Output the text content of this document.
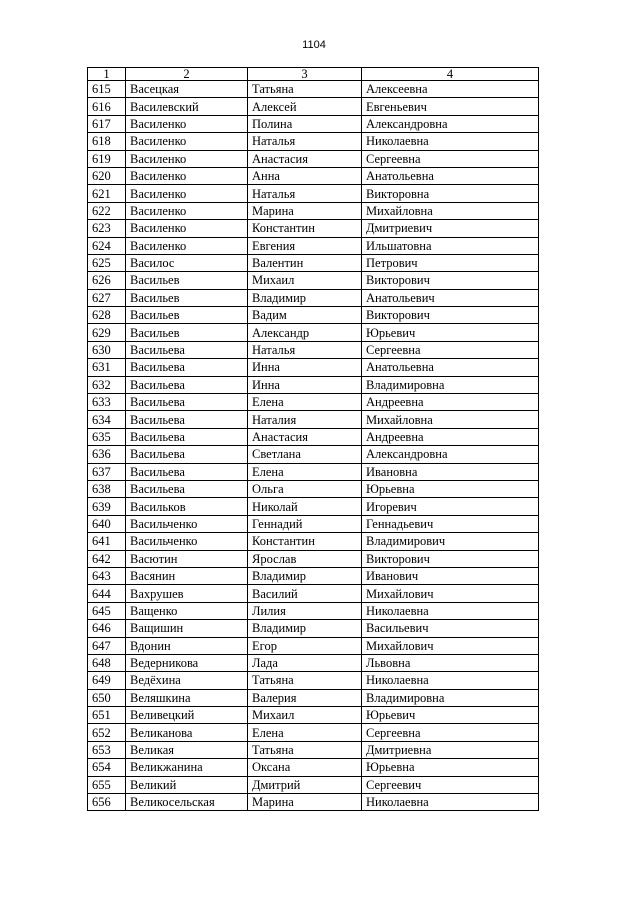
1104
1	2	3	4
615	Васецкая	Татьяна	Алексеевна
616	Василевский	Алексей	Евгеньевич
617	Василенко	Полина	Александровна
618	Василенко	Наталья	Николаевна
619	Василенко	Анастасия	Сергеевна
620	Василенко	Анна	Анатольевна
621	Василенко	Наталья	Викторовна
622	Василенко	Марина	Михайловна
623	Василенко	Константин	Дмитриевич
624	Василенко	Евгения	Ильшатовна
625	Василос	Валентин	Петрович
626	Васильев	Михаил	Викторович
627	Васильев	Владимир	Анатольевич
628	Васильев	Вадим	Викторович
629	Васильев	Александр	Юрьевич
630	Васильева	Наталья	Сергеевна
631	Васильева	Инна	Анатольевна
632	Васильева	Инна	Владимировна
633	Васильева	Елена	Андреевна
634	Васильева	Наталия	Михайловна
635	Васильева	Анастасия	Андреевна
636	Васильева	Светлана	Александровна
637	Васильева	Елена	Ивановна
638	Васильева	Ольга	Юрьевна
639	Васильков	Николай	Игоревич
640	Васильченко	Геннадий	Геннадьевич
641	Васильченко	Константин	Владимирович
642	Васютин	Ярослав	Викторович
643	Васянин	Владимир	Иванович
644	Вахрушев	Василий	Михайлович
645	Ващенко	Лилия	Николаевна
646	Ващишин	Владимир	Васильевич
647	Вдонин	Егор	Михайлович
648	Ведерникова	Лада	Львовна
649	Ведёхина	Татьяна	Николаевна
650	Веляшкина	Валерия	Владимировна
651	Веливецкий	Михаил	Юрьевич
652	Великанова	Елена	Сергеевна
653	Великая	Татьяна	Дмитриевна
654	Великжанина	Оксана	Юрьевна
655	Великий	Дмитрий	Сергеевич
656	Великосельская	Марина	Николаевна
